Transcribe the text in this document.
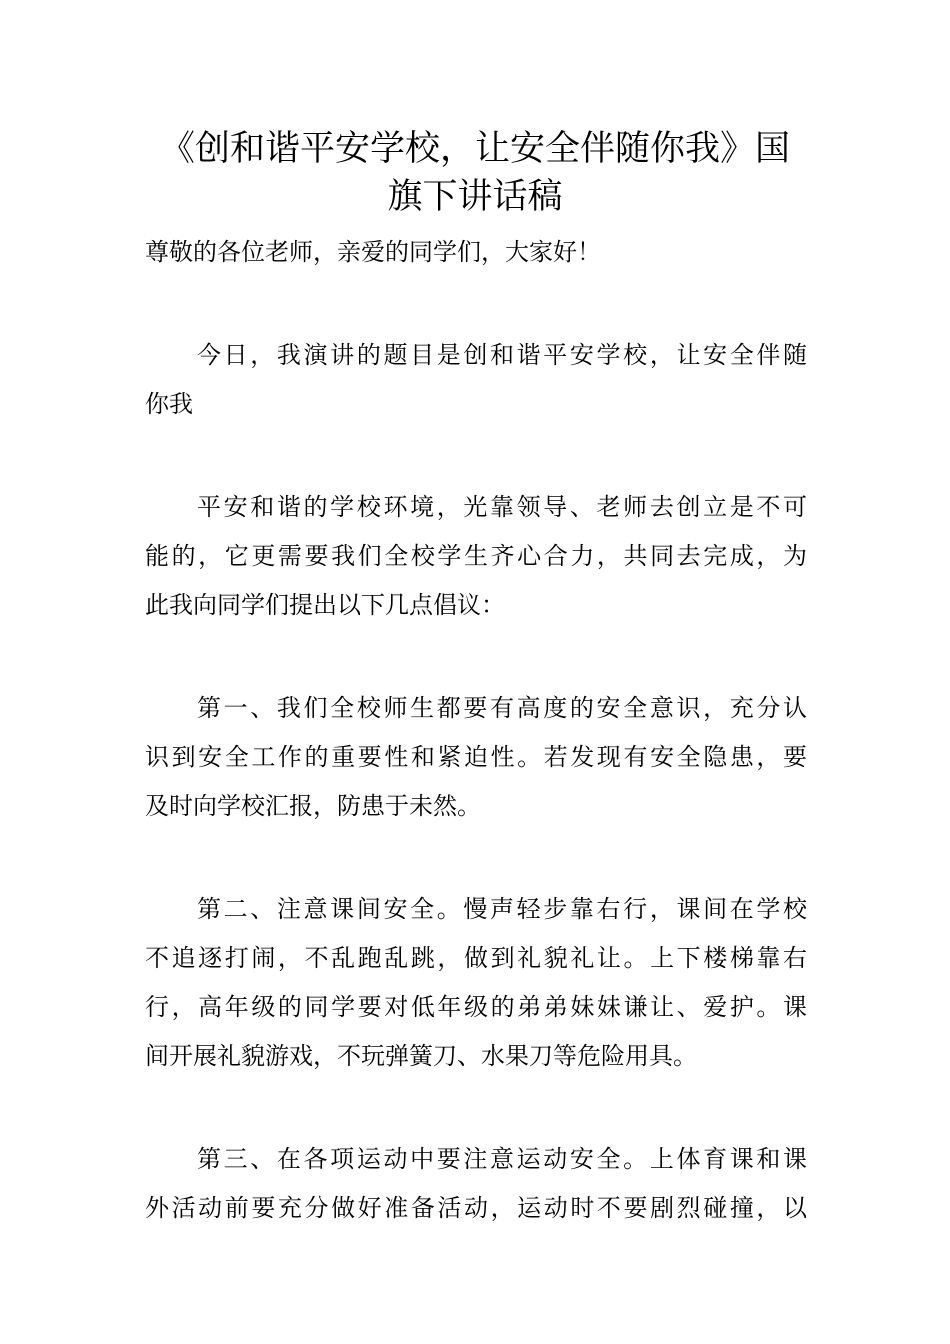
《创和谐平安学校，让安全伴随你我》国
旗下讲话稿

尊敬的各位老师，亲爱的同学们，大家好！

今日，我演讲的题目是创和谐平安学校，让安全伴随
你我

平安和谐的学校环境，光靠领导、老师去创立是不可
能的，它更需要我们全校学生齐心合力，共同去完成，为
此我向同学们提出以下几点倡议：

第一、我们全校师生都要有高度的安全意识，充分认
识到安全工作的重要性和紧迫性。若发现有安全隐患，要
及时向学校汇报，防患于未然。

第二、注意课间安全。慢声轻步靠右行，课间在学校
不追逐打闹，不乱跑乱跳，做到礼貌礼让。上下楼梯靠右
行，高年级的同学要对低年级的弟弟妹妹谦让、爱护。课
间开展礼貌游戏，不玩弹簧刀、水果刀等危险用具。

第三、在各项运动中要注意运动安全。上体育课和课
外活动前要充分做好准备活动，运动时不要剧烈碰撞，以
